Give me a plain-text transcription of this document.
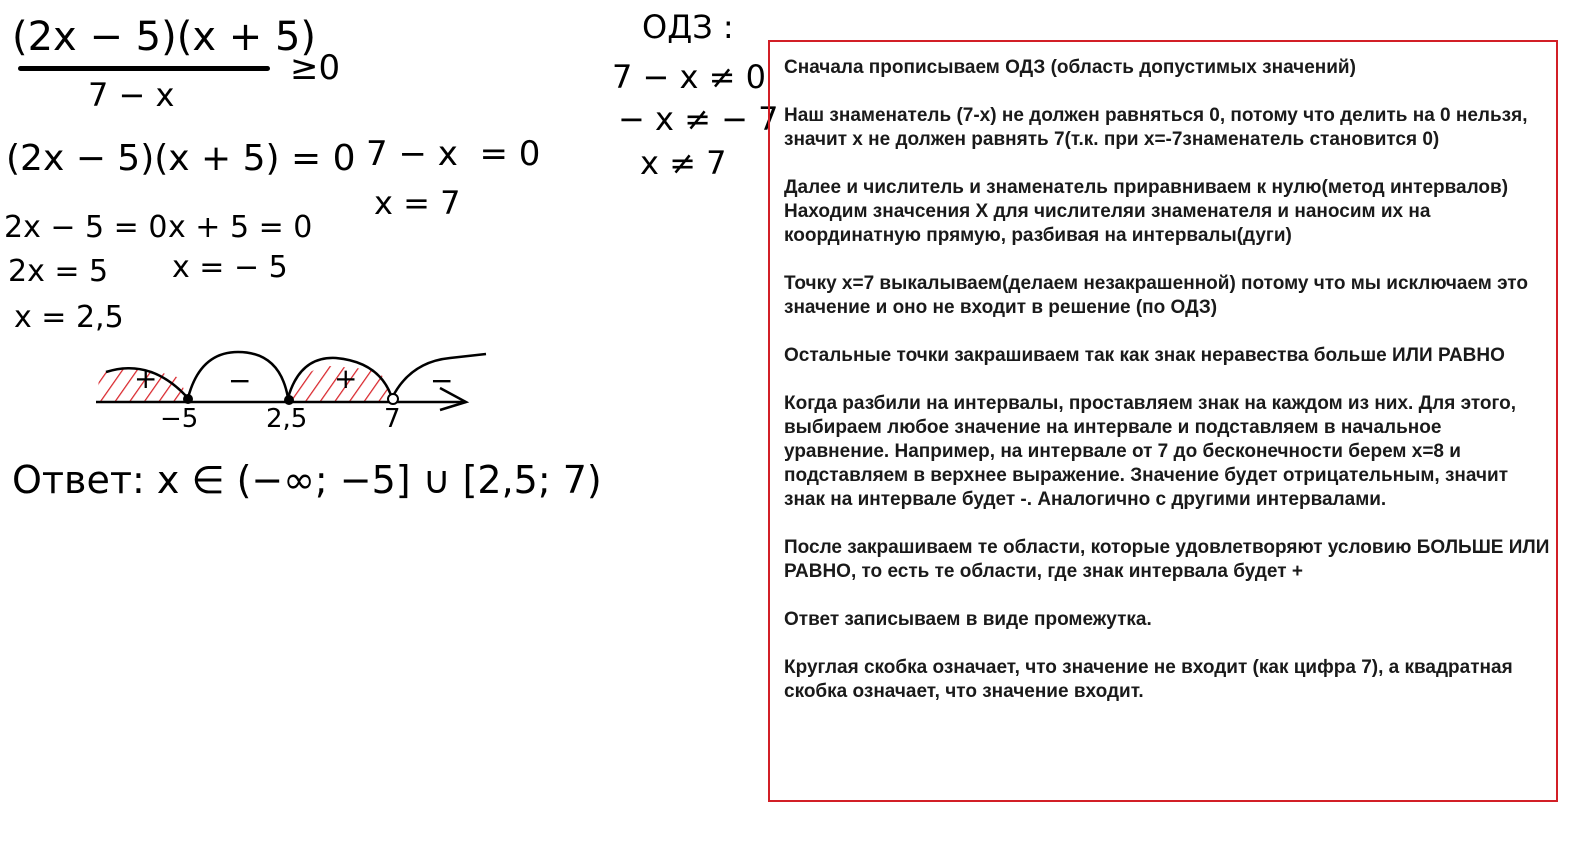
(2x − 5)(x + 5)
7 − x
≥0
ОДЗ :
7 − x ≠ 0
− x ≠ − 7
x ≠ 7
(2x − 5)(x + 5) = 0 7 − x  = 0
x = 7
2x − 5 = 0
2x = 5
x = 2,5
x + 5 = 0
x = − 5
+	−	+	−
−5	2,5	7
Ответ: x ∈ (−∞; −5] ∪ [2,5; 7)

Сначала прописываем ОДЗ (область допустимых значений)

Наш знаменатель (7-х) не должен равняться 0, потому что делить на 0 нельзя, значит х не должен равнять 7(т.к. при х=-7знаменатель становится 0)

Далее и числитель и знаменатель приравниваем к нулю(метод интервалов)

Находим значсения Х для числителяи знаменателя и наносим их на координатную прямую, разбивая на интервалы(дуги)

Точку х=7 выкалываем(делаем незакрашенной) потому что мы исключаем это значение и оно не входит в решение (по ОДЗ)

Остальные точки закрашиваем так как знак неравества больше ИЛИ РАВНО

Когда разбили на интервалы, проставляем знак на каждом из них. Для этого, выбираем любое значение на интервале и подставляем в начальное уравнение. Например, на интервале от 7 до бесконечности берем х=8 и подставляем в верхнее выражение. Значение будет отрицательным, значит знак на интервале будет -. Аналогично с другими интервалами.

После закрашиваем те области, которые удовлетворяют условию БОЛЬШЕ ИЛИ РАВНО, то есть те области, где знак интервала будет +

Ответ записываем в виде промежутка.

Круглая скобка означает, что значение не входит (как цифра 7), а квадратная скобка означает, что значение входит.
